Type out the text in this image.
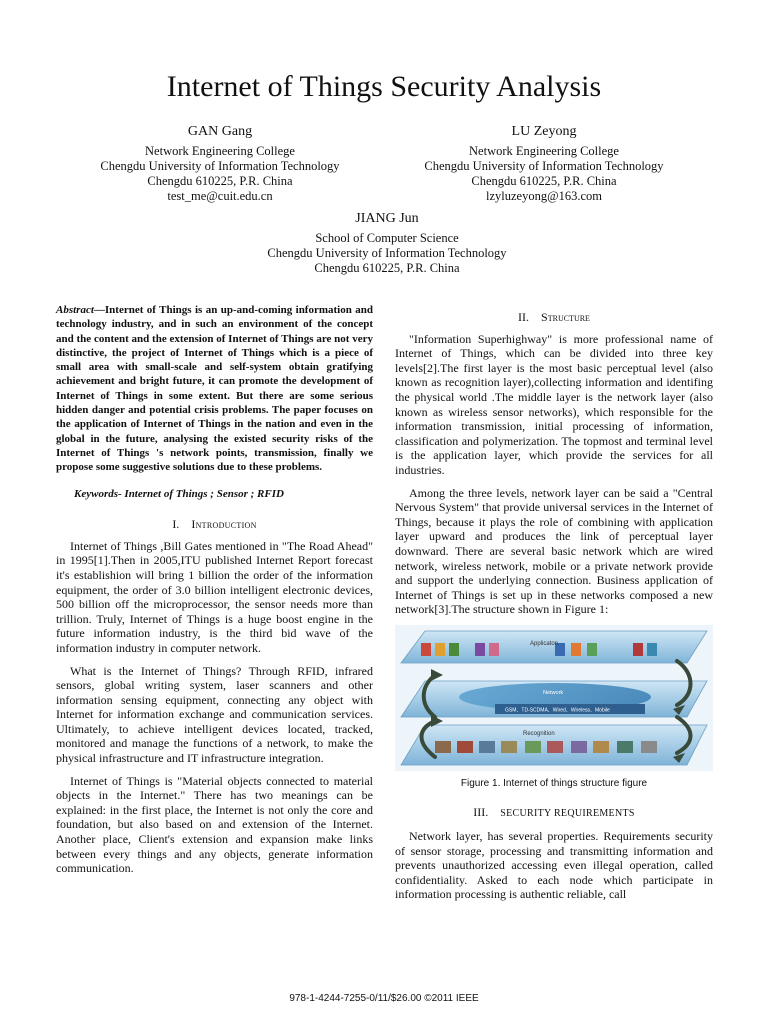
Internet of Things Security Analysis
GAN Gang
Network Engineering College
Chengdu University of Information Technology
Chengdu 610225, P.R. China
test_me@cuit.edu.cn
LU Zeyong
Network Engineering College
Chengdu University of Information Technology
Chengdu 610225, P.R. China
lzyluzeyong@163.com
JIANG Jun
School of Computer Science
Chengdu University of Information Technology
Chengdu 610225, P.R. China
Abstract—Internet of Things is an up-and-coming information and technology industry, and in such an environment of the concept and the content and the extension of Internet of Things are not very distinctive, the project of Internet of Things which is a piece of small area with small-scale and self-system obtain gratifying achievement and bright future, it can promote the development of Internet of Things in some extent. But there are some serious hidden danger and potential crisis problems. The paper focuses on the application of Internet of Things in the nation and even in the global in the future, analysing the existed security risks of the Internet of Things 's network points, transmission, finally we propose some suggestive solutions due to these problems.
Keywords- Internet of Things ; Sensor ; RFID
I. Introduction
Internet of Things ,Bill Gates mentioned in "The Road Ahead" in 1995[1].Then in 2005,ITU published Internet Report forecast it's establishion will bring 1 billion the order of the information equipment, the order of 3.0 billion intelligent electronic devices, 500 billion off the microprocessor, the sensor needs more than trillion. Truly, Internet of Things is a huge boost engine in the future information industry, is the third bid wave of the information industry in computer network.
What is the Internet of Things? Through RFID, infrared sensors, global writing system, laser scanners and other information sensing equipment, connecting any object with Internet for information exchange and communication services. Ultimately, to achieve intelligent devices located, tracked, monitored and manage the functions of a network, to make the physical infrastructure and IT infrastructure integration.
Internet of Things is "Material objects connected to material objects in the Internet." There has two meanings can be explained: in the first place, the Internet is not only the core and foundation, but also based on and extension of the Internet. Another place, Client's extension and expansion make links between every things and any objects, generate information communication.
II. Structure
"Information Superhighway" is more professional name of Internet of Things, which can be divided into three key levels[2].The first layer is the most basic perceptual level (also known as recognition layer),collecting information and identifing the physical world .The middle layer is the network layer (also known as wireless sensor networks), which responsible for the information transmission, initial processing of information, classification and polymerization. The topmost and terminal level is the application layer, which provide the services for all industries.
Among the three levels, network layer can be said a "Central Nervous System" that provide universal services in the Internet of Things, because it plays the role of combining with application layer upward and produces the link of perceptual layer downward. There are several basic network which are wired network, wireless network, mobile or a private network provide and support the underlying connection. Business application of Internet of Things is set up in these networks composed a new network[3].The structure shown in Figure 1:
Applicaton
Network
GSM、TD-SCDMA、Wired、Wireless、Mobile
Recognition
Figure 1. Internet of things structure figure
III. SECURITY REQUIREMENTS
Network layer, has several properties. Requirements security of sensor storage, processing and transmitting information and prevents unauthorized accessing even illegal operation, called confidentiality. Asked to each node which participate in information processing is authentic reliable, call
978-1-4244-7255-0/11/$26.00 ©2011 IEEE
